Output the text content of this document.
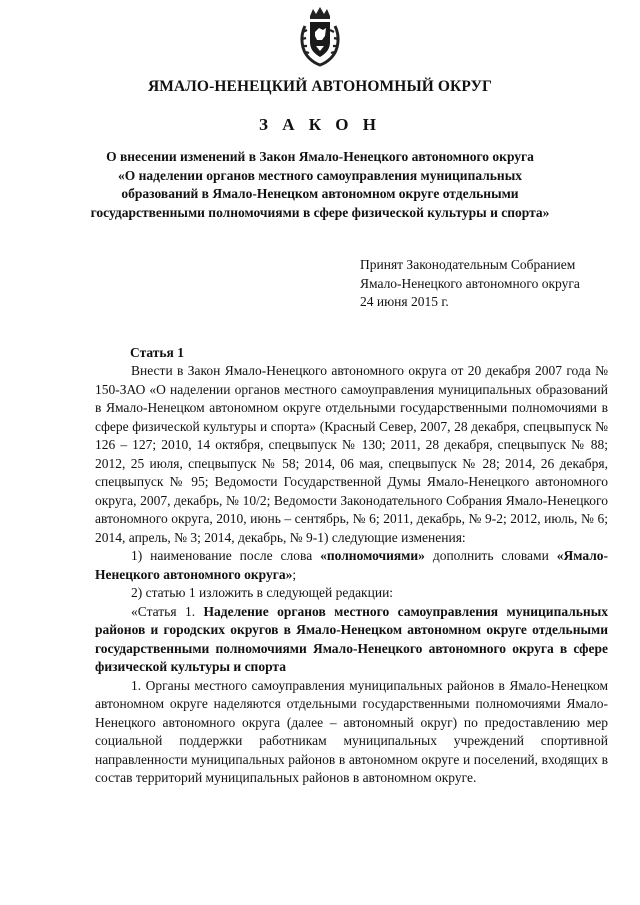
ЯМАЛО-НЕНЕЦКИЙ АВТОНОМНЫЙ ОКРУГ
З А К О Н
О внесении изменений в Закон Ямало-Ненецкого автономного округа
«О наделении органов местного самоуправления муниципальных
образований в Ямало-Ненецком автономном округе отдельными
государственными полномочиями в сфере физической культуры и спорта»
Принят Законодательным Собранием
Ямало-Ненецкого автономного округа
24 июня 2015 г.
Статья 1

Внести в Закон Ямало-Ненецкого автономного округа от 20 декабря 2007 года № 150-ЗАО «О наделении органов местного самоуправления муниципальных образований в Ямало-Ненецком автономном округе отдельными государственными полномочиями в сфере физической культуры и спорта» (Красный Север, 2007, 28 декабря, спецвыпуск № 126 – 127; 2010, 14 октября, спецвыпуск № 130; 2011, 28 декабря, спецвыпуск № 88; 2012, 25 июля, спецвыпуск № 58; 2014, 06 мая, спецвыпуск № 28; 2014, 26 декабря, спецвыпуск № 95; Ведомости Государственной Думы Ямало-Ненецкого автономного округа, 2007, декабрь, № 10/2; Ведомости Законодательного Собрания Ямало-Ненецкого автономного округа, 2010, июнь – сентябрь, № 6; 2011, декабрь, № 9-2; 2012, июль, № 6; 2014, апрель, № 3; 2014, декабрь, № 9-1) следующие изменения:

1) наименование после слова «полномочиями» дополнить словами «Ямало-Ненецкого автономного округа»;

2) статью 1 изложить в следующей редакции:

«Статья 1. Наделение органов местного самоуправления муниципальных районов и городских округов в Ямало-Ненецком автономном округе отдельными государственными полномочиями Ямало-Ненецкого автономного округа в сфере физической культуры и спорта

1. Органы местного самоуправления муниципальных районов в Ямало-Ненецком автономном округе наделяются отдельными государственными полномочиями Ямало-Ненецкого автономного округа (далее – автономный округ) по предоставлению мер социальной поддержки работникам муниципальных учреждений спортивной направленности муниципальных районов в автономном округе и поселений, входящих в состав территорий муниципальных районов в автономном округе.
